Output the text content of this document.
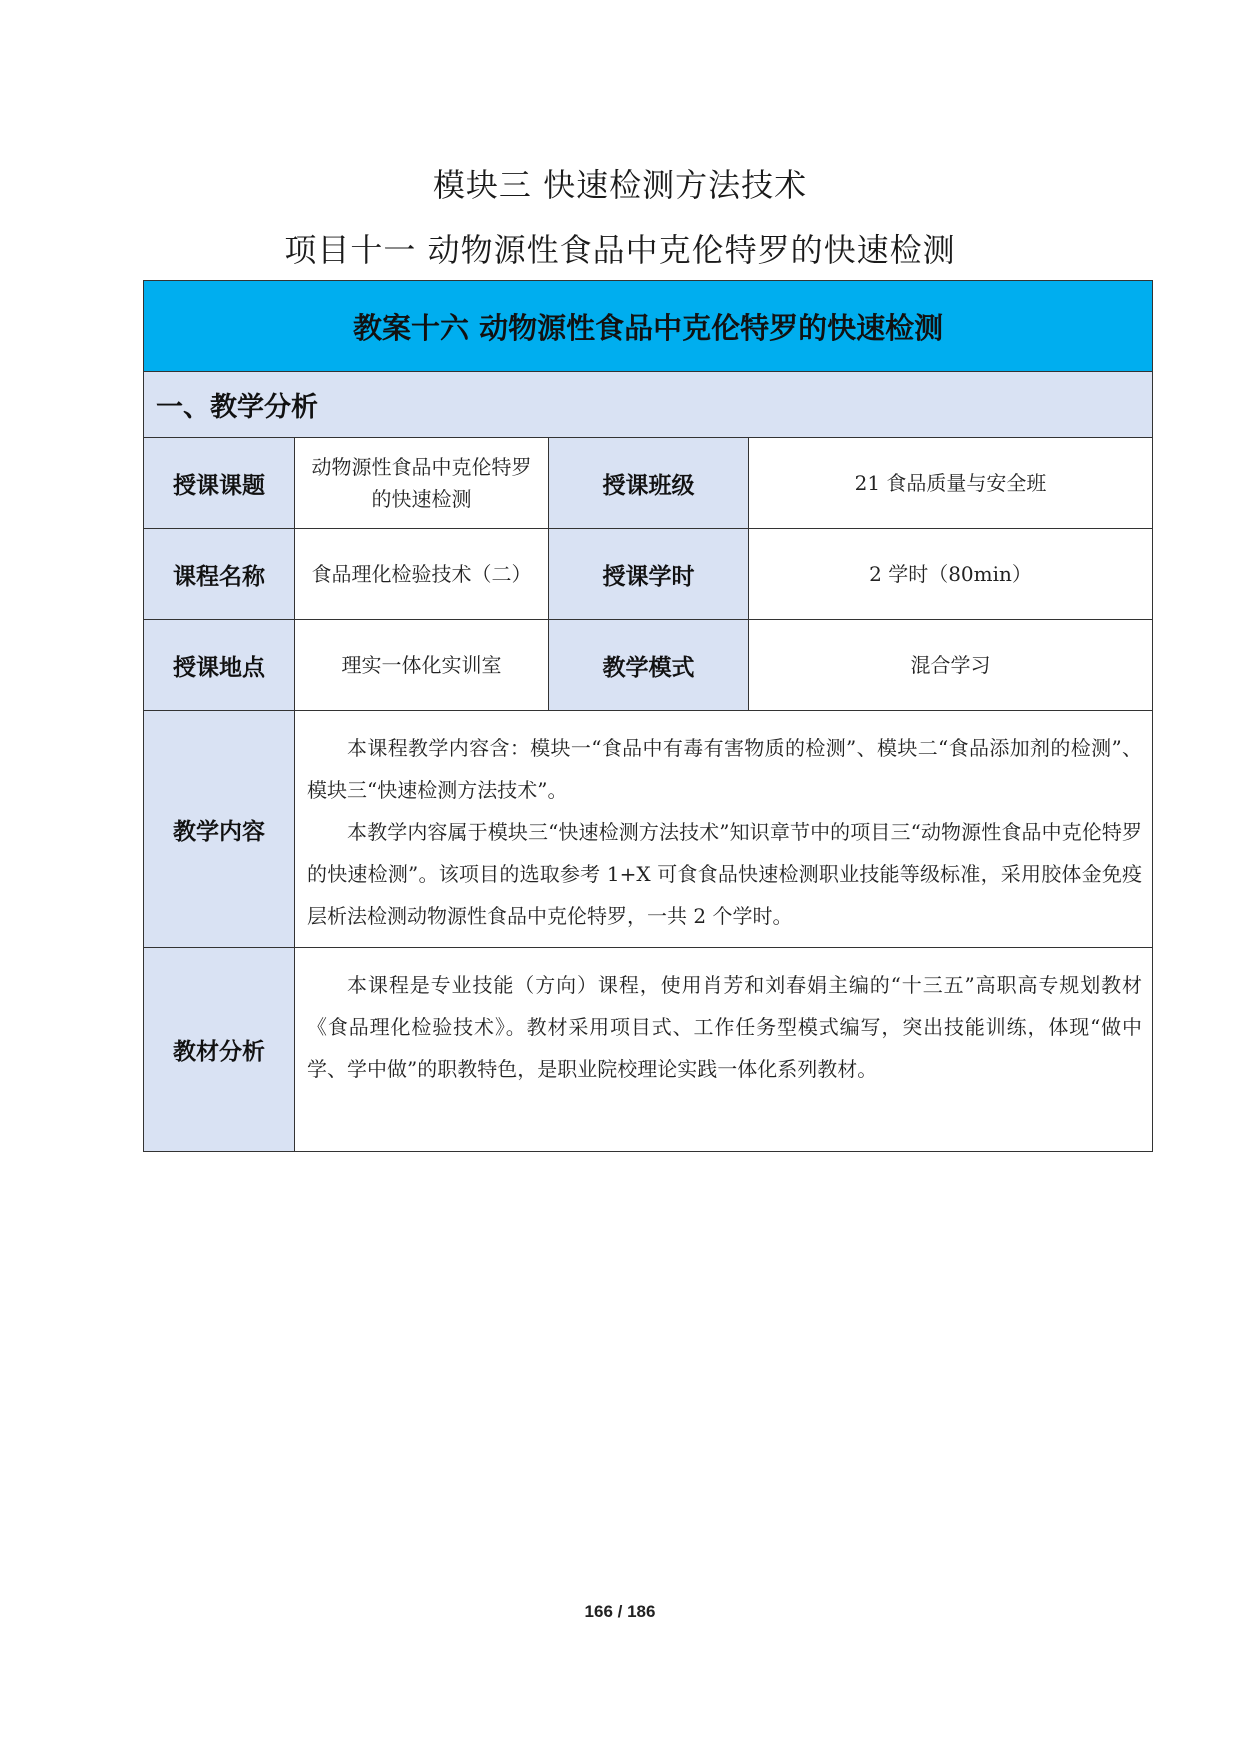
模块三 快速检测方法技术
项目十一 动物源性食品中克伦特罗的快速检测
教案十六 动物源性食品中克伦特罗的快速检测			
一、教学分析			
授课课题	动物源性食品中克伦特罗的快速检测	授课班级	21 食品质量与安全班
课程名称	食品理化检验技术（二）	授课学时	2 学时（80min）
授课地点	理实一体化实训室	教学模式	混合学习
教学内容	本课程教学内容含：模块一“食品中有毒有害物质的检测”、模块二“食品添加剂的检测”、模块三“快速检测方法技术”。

本教学内容属于模块三“快速检测方法技术”知识章节中的项目三“动物源性食品中克伦特罗的快速检测”。该项目的选取参考 1+X 可食食品快速检测职业技能等级标准，采用胶体金免疫层析法检测动物源性食品中克伦特罗，一共 2 个学时。		

教材分析	本课程是专业技能（方向）课程，使用肖芳和刘春娟主编的“十三五”高职高专规划教材《食品理化检验技术》。教材采用项目式、工作任务型模式编写，突出技能训练，体现“做中学、学中做”的职教特色，是职业院校理论实践一体化系列教材。		

166 / 186
